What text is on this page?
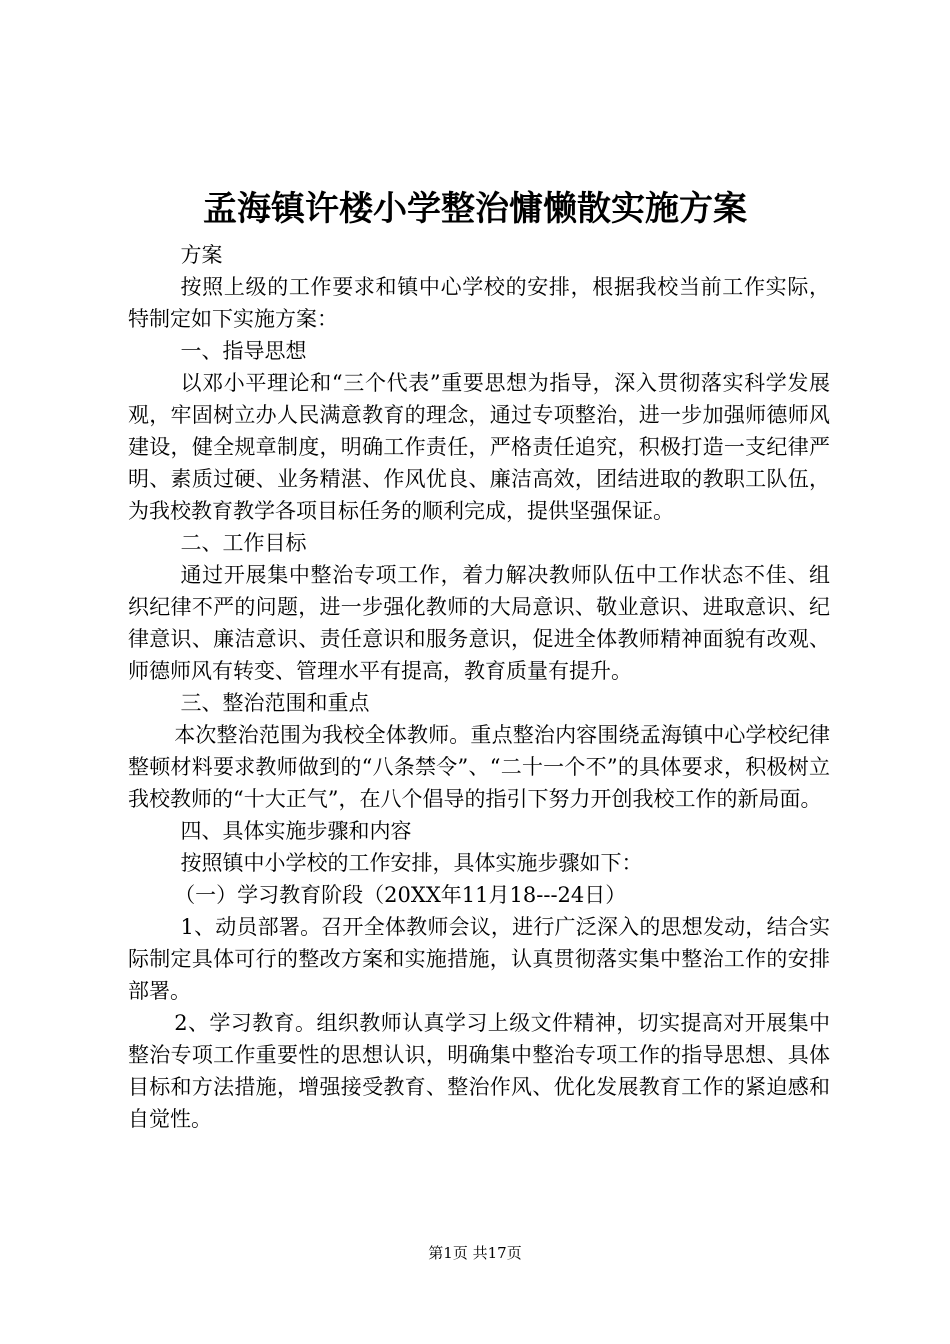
孟海镇许楼小学整治慵懒散实施方案

方案

按照上级的工作要求和镇中心学校的安排，根据我校当前工作实际，特制定如下实施方案：

一、指导思想

以邓小平理论和“三个代表”重要思想为指导，深入贯彻落实科学发展观，牢固树立办人民满意教育的理念，通过专项整治，进一步加强师德师风建设，健全规章制度，明确工作责任，严格责任追究，积极打造一支纪律严明、素质过硬、业务精湛、作风优良、廉洁高效，团结进取的教职工队伍，为我校教育教学各项目标任务的顺利完成，提供坚强保证。

二、工作目标

通过开展集中整治专项工作，着力解决教师队伍中工作状态不佳、组织纪律不严的问题，进一步强化教师的大局意识、敬业意识、进取意识、纪律意识、廉洁意识、责任意识和服务意识，促进全体教师精神面貌有改观、师德师风有转变、管理水平有提高，教育质量有提升。

三、整治范围和重点

本次整治范围为我校全体教师。重点整治内容围绕孟海镇中心学校纪律整顿材料要求教师做到的“八条禁令”、“二十一个不”的具体要求，积极树立我校教师的“十大正气”，在八个倡导的指引下努力开创我校工作的新局面。

四、具体实施步骤和内容

按照镇中小学校的工作安排，具体实施步骤如下：

（一）学习教育阶段（20XX年11月18---24日）

1、动员部署。召开全体教师会议，进行广泛深入的思想发动，结合实际制定具体可行的整改方案和实施措施，认真贯彻落实集中整治工作的安排部署。

2、学习教育。组织教师认真学习上级文件精神，切实提高对开展集中整治专项工作重要性的思想认识，明确集中整治专项工作的指导思想、具体目标和方法措施，增强接受教育、整治作风、优化发展教育工作的紧迫感和自觉性。

第1页 共17页
